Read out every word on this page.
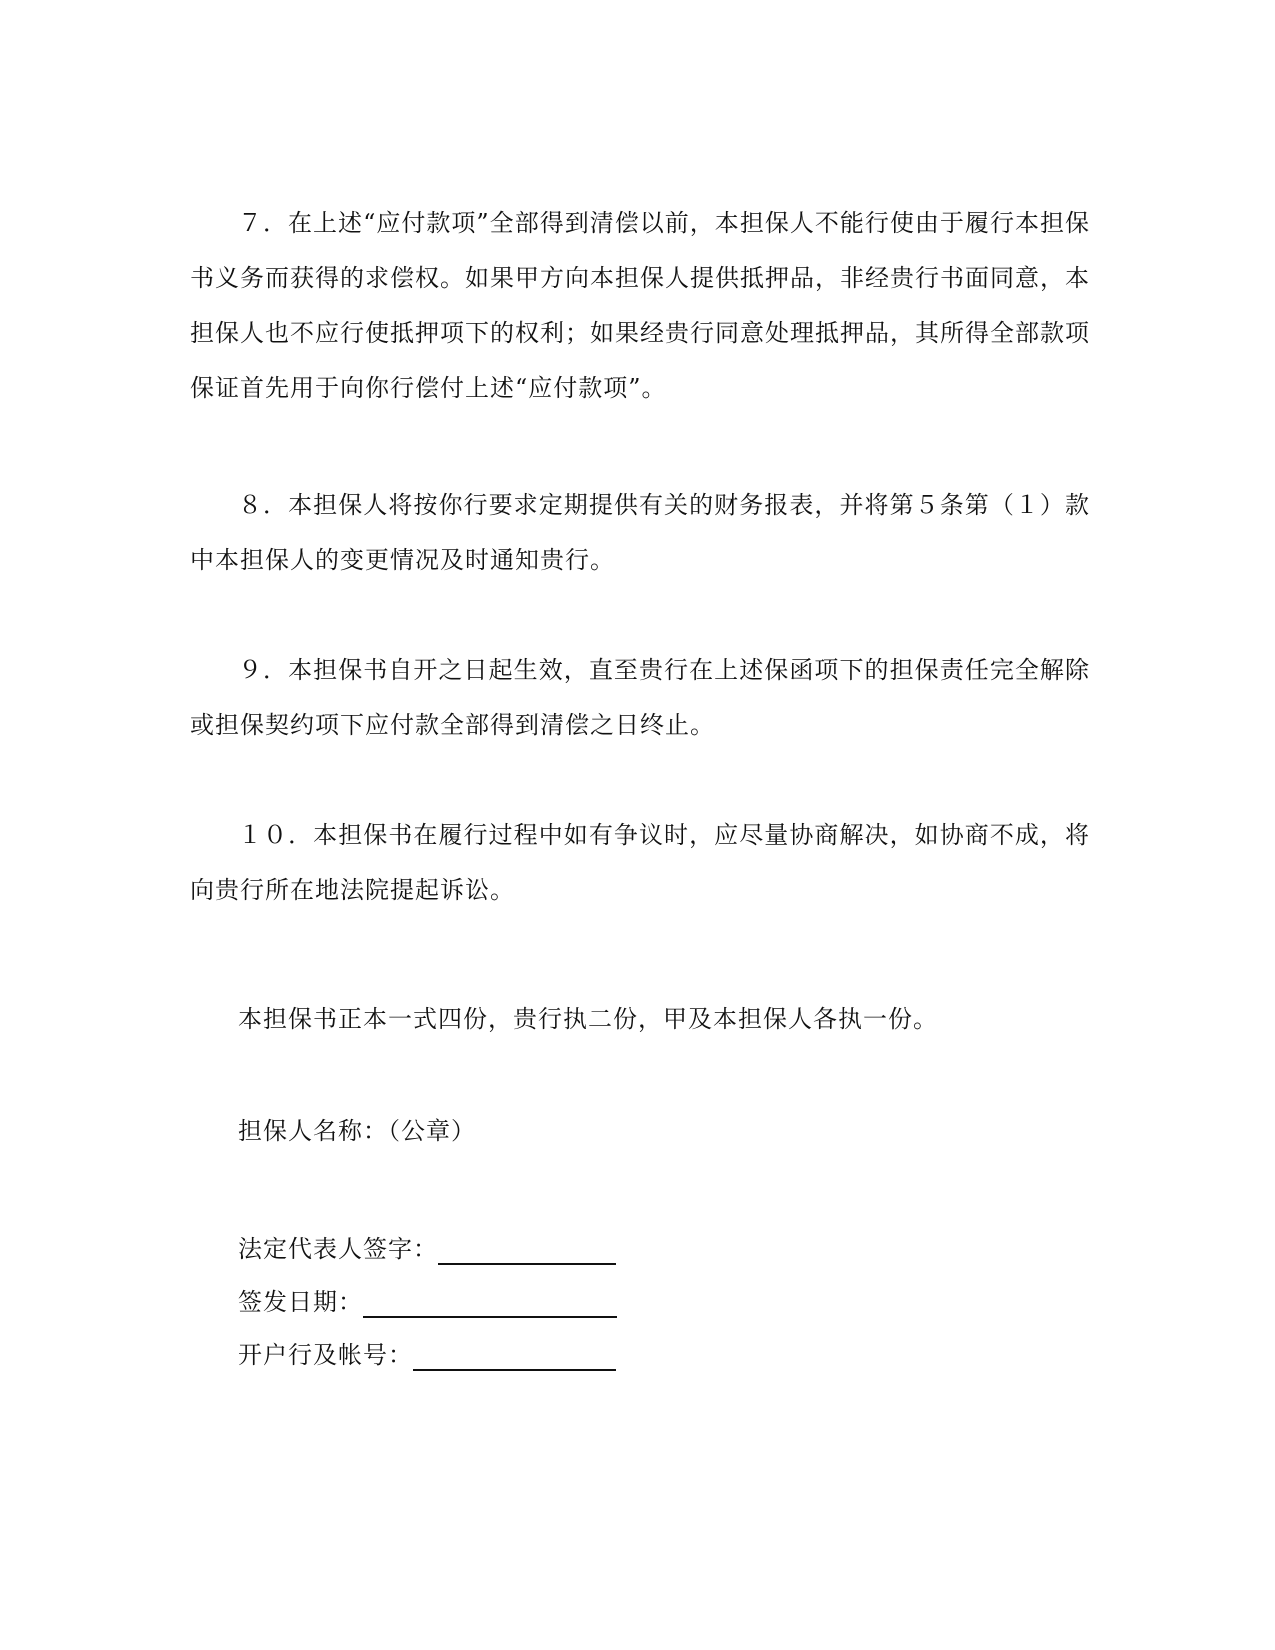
７．在上述“应付款项”全部得到清偿以前，本担保人不能行使由于履行本担保书义务而获得的求偿权。如果甲方向本担保人提供抵押品，非经贵行书面同意，本担保人也不应行使抵押项下的权利；如果经贵行同意处理抵押品，其所得全部款项保证首先用于向你行偿付上述“应付款项”。

８．本担保人将按你行要求定期提供有关的财务报表，并将第５条第（１）款中本担保人的变更情况及时通知贵行。

９．本担保书自开之日起生效，直至贵行在上述保函项下的担保责任完全解除或担保契约项下应付款全部得到清偿之日终止。

１０．本担保书在履行过程中如有争议时，应尽量协商解决，如协商不成，将向贵行所在地法院提起诉讼。

本担保书正本一式四份，贵行执二份，甲及本担保人各执一份。

担保人名称：（公章）

法定代表人签字：
签发日期：
开户行及帐号：
